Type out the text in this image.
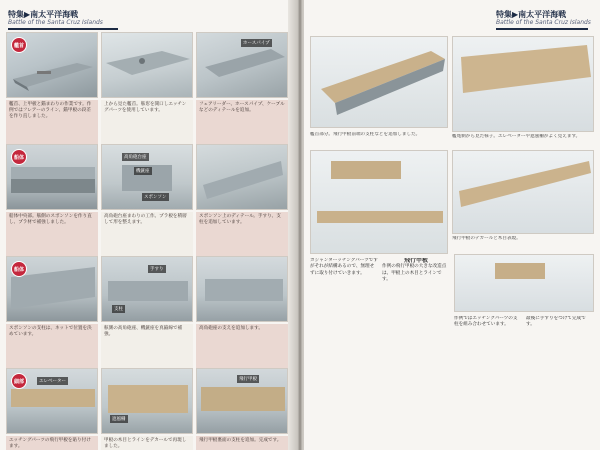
特集▶南太平洋海戦
Battle of the Santa Cruz Islands
艦首
艦首、上甲板と錨まわりの作業です。作例ではフレアーのライン、錨甲板の段差を作り直しました。
上から見た艦首。舷窓を開口しエッチングパーツを使用しています。
ホースパイプ
フェアリーダー、ホースパイプ、ケーブルなどのディテールを追加。
船体
船体中央部。舷側のスポンソンを作り直し、プラ材で補強しました。
高角砲台座
機銃座
スポンソン
高角砲台座まわりの工作。プラ板を積層して形を整えます。
スポンソン上のディテール。手すり、支柱を追加しています。
船体
スポンソンの支柱は、ネットで位置を決めています。
手すり
支柱
舷側の高角砲座、機銃座を真鍮線で補強。
高角砲座の支えを追加します。
細部	エレベーター
エッチングパーツの飛行甲板を貼り付けます。
遮風柵
甲板の木目とラインをデカールで再現しました。
飛行甲板
飛行甲板裏面の支柱を追加。完成です。
特集▶南太平洋海戦
Battle of the Santa Cruz Islands
艦首部分。飛行甲板前端の支柱などを追加しました。	艦尾側から見た様子。エレベーターや遮風柵がよく見えます。
飛行甲板のデカールと木目表現。
カジャンターッチングパーツですがそれが結構あるので、無理せずに取り付けていきます。
飛行甲板
作例の飛行甲板の大きな改造点は、甲板上の木目とラインです。
作例ではエッチングパーツの支柱を組み合わせています。
最後に手すりをつけて完成です。
